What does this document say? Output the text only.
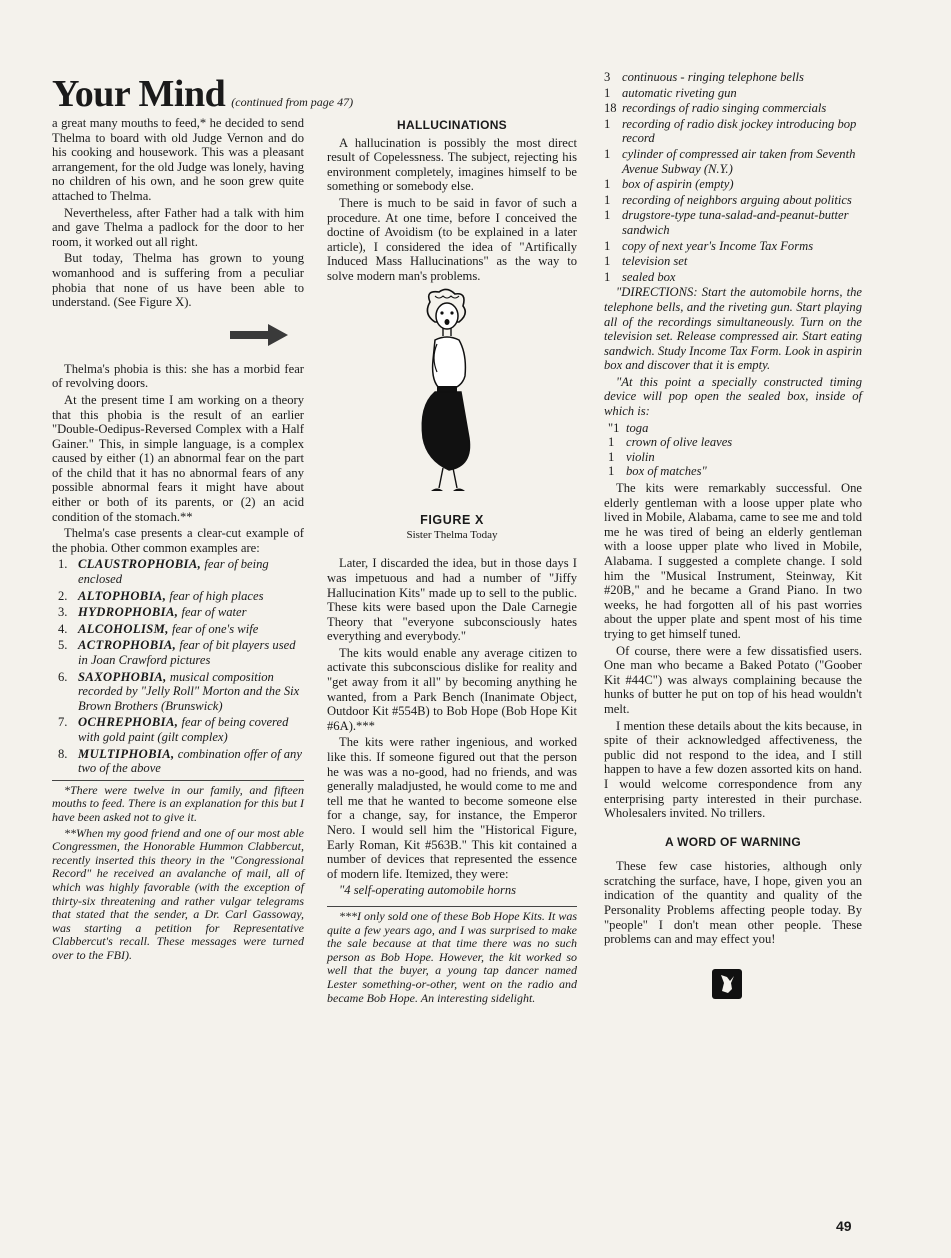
Your Mind (continued from page 47)

a great many mouths to feed,* he decided to send Thelma to board with old Judge Vernon and do his cooking and housework. This was a pleasant arrangement, for the old Judge was lonely, having no children of his own, and he soon grew quite attached to Thelma.

Nevertheless, after Father had a talk with him and gave Thelma a padlock for the door to her room, it worked out all right.

But today, Thelma has grown to young womanhood and is suffering from a peculiar phobia that none of us have been able to understand. (See Figure X).

Thelma's phobia is this: she has a morbid fear of revolving doors.

At the present time I am working on a theory that this phobia is the result of an earlier "Double-Oedipus-Reversed Complex with a Half Gainer." This, in simple language, is a complex caused by either (1) an abnormal fear on the part of the child that it has no abnormal fears of any possible abnormal fears it might have about either or both of its parents, or (2) an acid condition of the stomach.**

Thelma's case presents a clear-cut example of the phobia. Other common examples are:

1. CLAUSTROPHOBIA, fear of being enclosed
2. ALTOPHOBIA, fear of high places
3. HYDROPHOBIA, fear of water
4. ALCOHOLISM, fear of one's wife
5. ACTROPHOBIA, fear of bit players used in Joan Crawford pictures
6. SAXOPHOBIA, musical composition recorded by "Jelly Roll" Morton and the Six Brown Brothers (Brunswick)
7. OCHREPHOBIA, fear of being covered with gold paint (gilt complex)
8. MULTIPHOBIA, combination offer of any two of the above

*There were twelve in our family, and fifteen mouths to feed. There is an explanation for this but I have been asked not to give it.

**When my good friend and one of our most able Congressmen, the Honorable Hummon Clabbercut, recently inserted this theory in the "Congressional Record" he received an avalanche of mail, all of which was highly favorable (with the exception of thirty-six threatening and rather vulgar telegrams that stated that the sender, a Dr. Carl Gassoway, was starting a petition for Representative Clabbercut's recall. These messages were turned over to the FBI).

HALLUCINATIONS

A hallucination is possibly the most direct result of Copelessness. The subject, rejecting his environment completely, imagines himself to be something or somebody else.

There is much to be said in favor of such a procedure. At one time, before I conceived the doctine of Avoidism (to be explained in a later article), I considered the idea of "Artifically Induced Mass Hallucinations" as the way to solve modern man's problems.

FIGURE X
Sister Thelma Today

Later, I discarded the idea, but in those days I was impetuous and had a number of "Jiffy Hallucination Kits" made up to sell to the public. These kits were based upon the Dale Carnegie Theory that "everyone subconsciously hates everything and everybody."

The kits would enable any average citizen to activate this subconscious dislike for reality and "get away from it all" by becoming anything he wanted, from a Park Bench (Inanimate Object, Outdoor Kit #554B) to Bob Hope (Bob Hope Kit #6A).***

The kits were rather ingenious, and worked like this. If someone figured out that the person he was was a no-good, had no friends, and was generally maladjusted, he would come to me and tell me that he wanted to become someone else for a change, say, for instance, the Emperor Nero. I would sell him the "Historical Figure, Early Roman, Kit #563B." This kit contained a number of devices that represented the essence of modern life. Itemized, they were:

"4 self-operating automobile horns

***I only sold one of these Bob Hope Kits. It was quite a few years ago, and I was surprised to make the sale because at that time there was no such person as Bob Hope. However, the kit worked so well that the buyer, a young tap dancer named Lester something-or-other, went on the radio and became Bob Hope. An interesting sidelight.

3 continuous - ringing telephone bells
1 automatic riveting gun
18 recordings of radio singing commercials
1 recording of radio disk jockey introducing bop record
1 cylinder of compressed air taken from Seventh Avenue Subway (N.Y.)
1 box of aspirin (empty)
1 recording of neighbors arguing about politics
1 drugstore-type tuna-salad-and-peanut-butter sandwich
1 copy of next year's Income Tax Forms
1 television set
1 sealed box

"DIRECTIONS: Start the automobile horns, the telephone bells, and the riveting gun. Start playing all of the recordings simultaneously. Turn on the television set. Release compressed air. Start eating sandwich. Study Income Tax Form. Look in aspirin box and discover that it is empty.

"At this point a specially constructed timing device will pop open the sealed box, inside of which is:

"1 toga
1 crown of olive leaves
1 violin
1 box of matches"

The kits were remarkably successful. One elderly gentleman with a loose upper plate who lived in Mobile, Alabama, came to see me and told me he was tired of being an elderly gentleman with a loose upper plate who lived in Mobile, Alabama. I suggested a complete change. I sold him the "Musical Instrument, Steinway, Kit #20B," and he became a Grand Piano. In two weeks, he had forgotten all of his past worries about the upper plate and spent most of his time trying to get himself tuned.

Of course, there were a few dissatisfied users. One man who became a Baked Potato ("Goober Kit #44C") was always complaining because the hunks of butter he put on top of his head wouldn't melt.

I mention these details about the kits because, in spite of their acknowledged affectiveness, the public did not respond to the idea, and I still happen to have a few dozen assorted kits on hand. I would welcome correspondence from any enterprising party interested in their purchase. Wholesalers invited. No trillers.

A WORD OF WARNING

These few case histories, although only scratching the surface, have, I hope, given you an indication of the quantity and quality of the Personality Problems affecting people today. By "people" I don't mean other people. These problems can and may effect you!

49
